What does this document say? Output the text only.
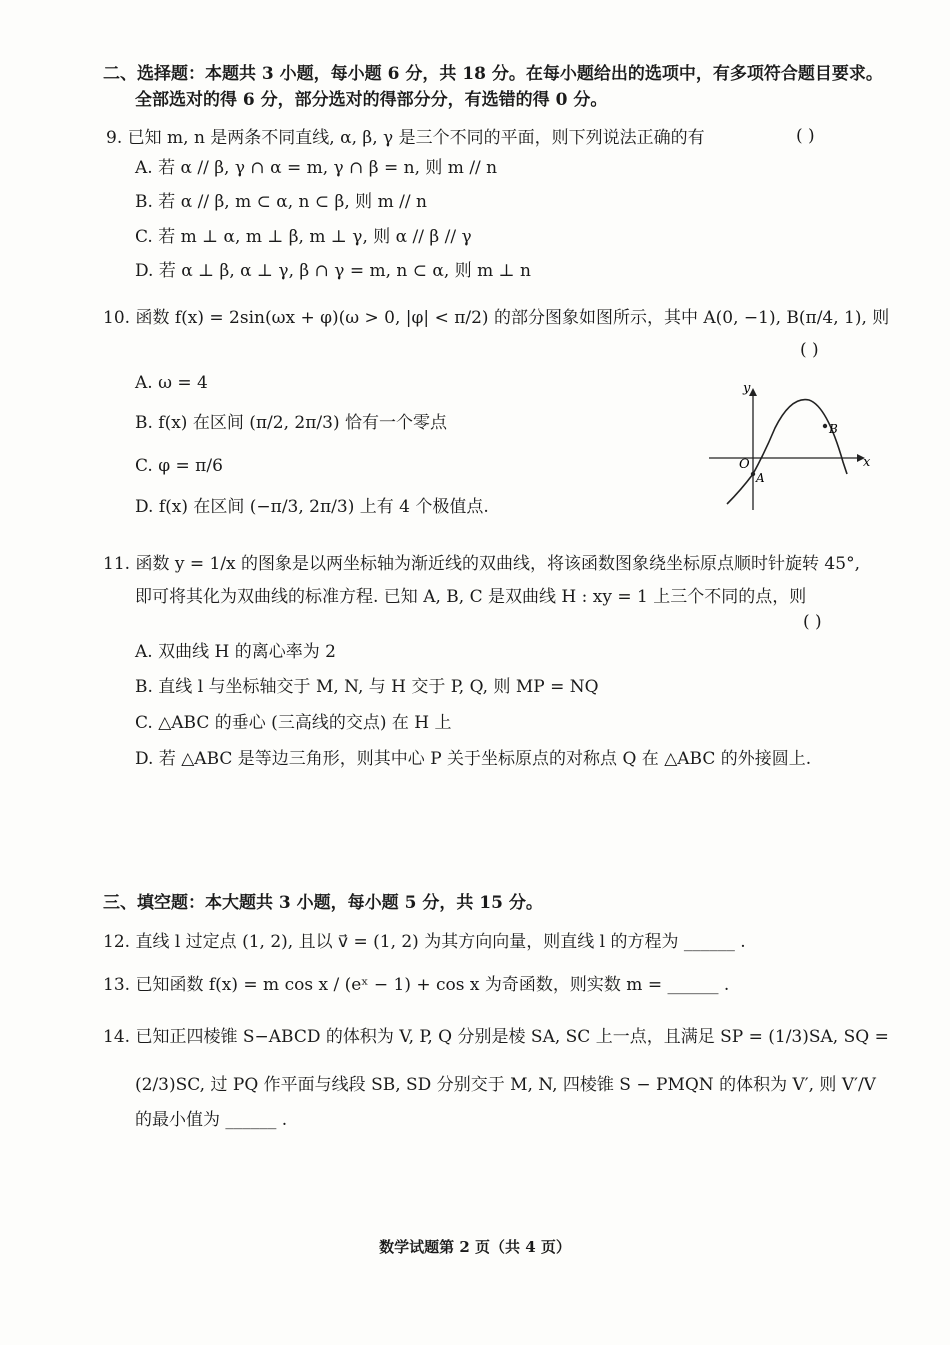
二、选择题：本题共 3 小题，每小题 6 分，共 18 分。在每小题给出的选项中，有多项符合题目要求。
全部选对的得 6 分，部分选对的得部分分，有选错的得 0 分。
9. 已知 m, n 是两条不同直线, α, β, γ 是三个不同的平面，则下列说法正确的有	( )
A. 若 α // β, γ ∩ α = m, γ ∩ β = n, 则 m // n
B. 若 α // β, m ⊂ α, n ⊂ β, 则 m // n
C. 若 m ⊥ α, m ⊥ β, m ⊥ γ, 则 α // β // γ
D. 若 α ⊥ β, α ⊥ γ, β ∩ γ = m, n ⊂ α, 则 m ⊥ n
10. 函数 f(x) = 2sin(ωx + φ)(ω > 0, |φ| < π/2) 的部分图象如图所示，其中 A(0, −1), B(π/4, 1), 则
( )
A. ω = 4
B. f(x) 在区间 (π/2, 2π/3) 恰有一个零点
C. φ = π/6
D. f(x) 在区间 (−π/3, 2π/3) 上有 4 个极值点.
y
x
O
A
B
11. 函数 y = 1/x 的图象是以两坐标轴为渐近线的双曲线，将该函数图象绕坐标原点顺时针旋转 45°,
即可将其化为双曲线的标准方程. 已知 A, B, C 是双曲线 H : xy = 1 上三个不同的点，则
( )
A. 双曲线 H 的离心率为 2
B. 直线 l 与坐标轴交于 M, N, 与 H 交于 P, Q, 则 MP = NQ
C. △ABC 的垂心 (三高线的交点) 在 H 上
D. 若 △ABC 是等边三角形，则其中心 P 关于坐标原点的对称点 Q 在 △ABC 的外接圆上.
三、填空题：本大题共 3 小题，每小题 5 分，共 15 分。
12. 直线 l 过定点 (1, 2), 且以 v⃗ = (1, 2) 为其方向向量，则直线 l 的方程为 ______ .
13. 已知函数 f(x) = m cos x / (eˣ − 1) + cos x 为奇函数，则实数 m = ______ .
14. 已知正四棱锥 S−ABCD 的体积为 V, P, Q 分别是棱 SA, SC 上一点，且满足 SP = (1/3)SA, SQ =
(2/3)SC, 过 PQ 作平面与线段 SB, SD 分别交于 M, N, 四棱锥 S − PMQN 的体积为 V′, 则 V′/V
的最小值为 ______ .
数学试题第 2 页（共 4 页）
